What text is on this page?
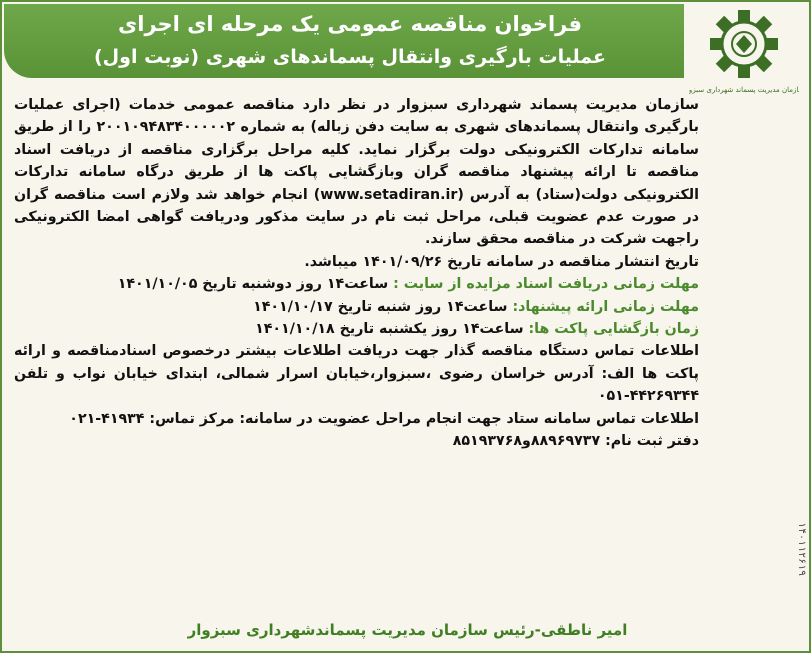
فراخوان مناقصه عمومی یک مرحله ای اجرای
عملیات بارگیری وانتقال پسماندهای شهری (نوبت اول)
سازمان مدیریت پسماند شهرداری سبزوار

سازمان مدیریت پسماند شهرداری سبزوار در نظر دارد مناقصه عمومی خدمات (اجرای عملیات بارگیری وانتقال پسماندهای شهری به سایت دفن زباله) به شماره ۲۰۰۱۰۹۴۸۳۴۰۰۰۰۰۲ را از طریق سامانه تدارکات الکترونیکی دولت برگزار نماید. کلیه مراحل برگزاری مناقصه از دریافت اسناد مناقصه تا ارائه پیشنهاد مناقصه گران وبازگشایی پاکت ها از طریق درگاه سامانه تدارکات الکترونیکی دولت(ستاد) به آدرس (www.setadiran.ir) انجام خواهد شد ولازم است مناقصه گران در صورت عدم عضویت قبلی، مراحل ثبت نام در سایت مذکور ودریافت گواهی امضا الکترونیکی راجهت شرکت در مناقصه محقق سازند.

تاریخ انتشار مناقصه در سامانه تاریخ ۱۴۰۱/۰۹/۲۶ میباشد.

مهلت زمانی دریافت اسناد مزایده از سایت : ساعت۱۴ روز دوشنبه تاریخ ۱۴۰۱/۱۰/۰۵

مهلت زمانی ارائه پیشنهاد: ساعت۱۴ روز شنبه تاریخ ۱۴۰۱/۱۰/۱۷

زمان بازگشایی پاکت ها: ساعت۱۴ روز یکشنبه تاریخ ۱۴۰۱/۱۰/۱۸

اطلاعات تماس دستگاه مناقصه گذار جهت دریافت اطلاعات بیشتر درخصوص اسنادمناقصه و ارائه پاکت ها الف: آدرس خراسان رضوی ،سبزوار،خیابان اسرار شمالی، ابتدای خیابان نواب و تلفن ۴۴۲۶۹۳۴۴-۰۵۱

اطلاعات تماس سامانه ستاد جهت انجام مراحل عضویت در سامانه: مرکز تماس: ۴۱۹۳۴-۰۲۱

دفتر ثبت نام: ۸۸۹۶۹۷۳۷و۸۵۱۹۳۷۶۸

۱۴۰۱۱۲۶۱۹
امیر ناطقی-رئیس سازمان مدیریت پسماندشهرداری سبزوار
